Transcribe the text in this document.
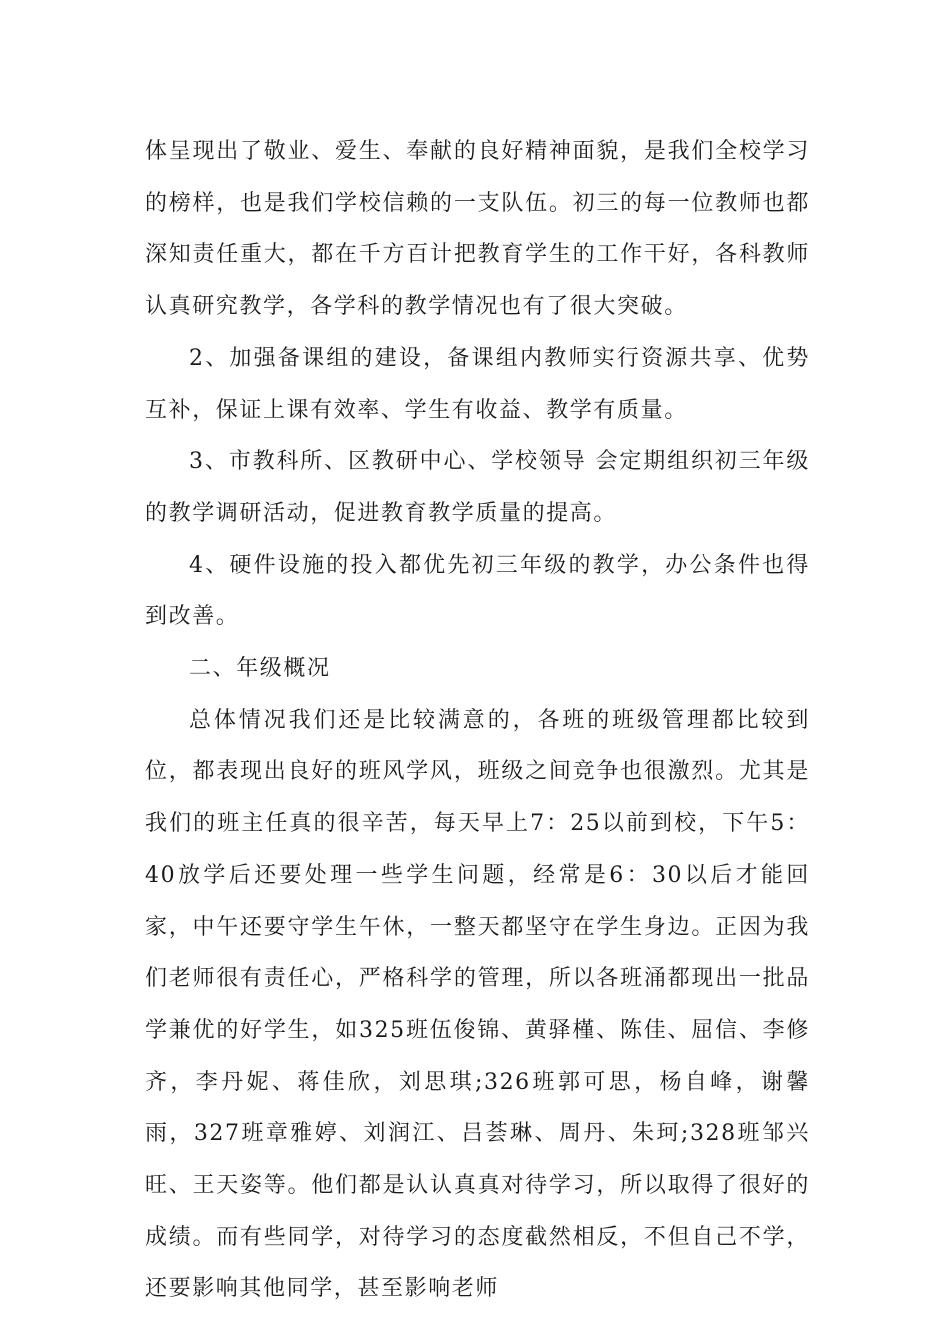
体呈现出了敬业、爱生、奉献的良好精神面貌，是我们全校学习的榜样，也是我们学校信赖的一支队伍。初三的每一位教师也都深知责任重大，都在千方百计把教育学生的工作干好，各科教师认真研究教学，各学科的教学情况也有了很大突破。

2、加强备课组的建设，备课组内教师实行资源共享、优势互补，保证上课有效率、学生有收益、教学有质量。

3、市教科所、区教研中心、学校领导 会定期组织初三年级的教学调研活动，促进教育教学质量的提高。

4、硬件设施的投入都优先初三年级的教学，办公条件也得到改善。

二、年级概况

总体情况我们还是比较满意的，各班的班级管理都比较到位，都表现出良好的班风学风，班级之间竞争也很激烈。尤其是我们的班主任真的很辛苦，每天早上7：25以前到校，下午5：40放学后还要处理一些学生问题，经常是6：30以后才能回家，中午还要守学生午休，一整天都坚守在学生身边。正因为我们老师很有责任心，严格科学的管理，所以各班涌都现出一批品学兼优的好学生，如325班伍俊锦、黄驿槿、陈佳、屈信、李修齐，李丹妮、蒋佳欣，刘思琪;326班郭可思，杨自峰，谢馨雨，327班章雅婷、刘润江、吕荟琳、周丹、朱珂;328班邹兴旺、王天姿等。他们都是认认真真对待学习，所以取得了很好的成绩。而有些同学，对待学习的态度截然相反，不但自己不学，还要影响其他同学，甚至影响老师
